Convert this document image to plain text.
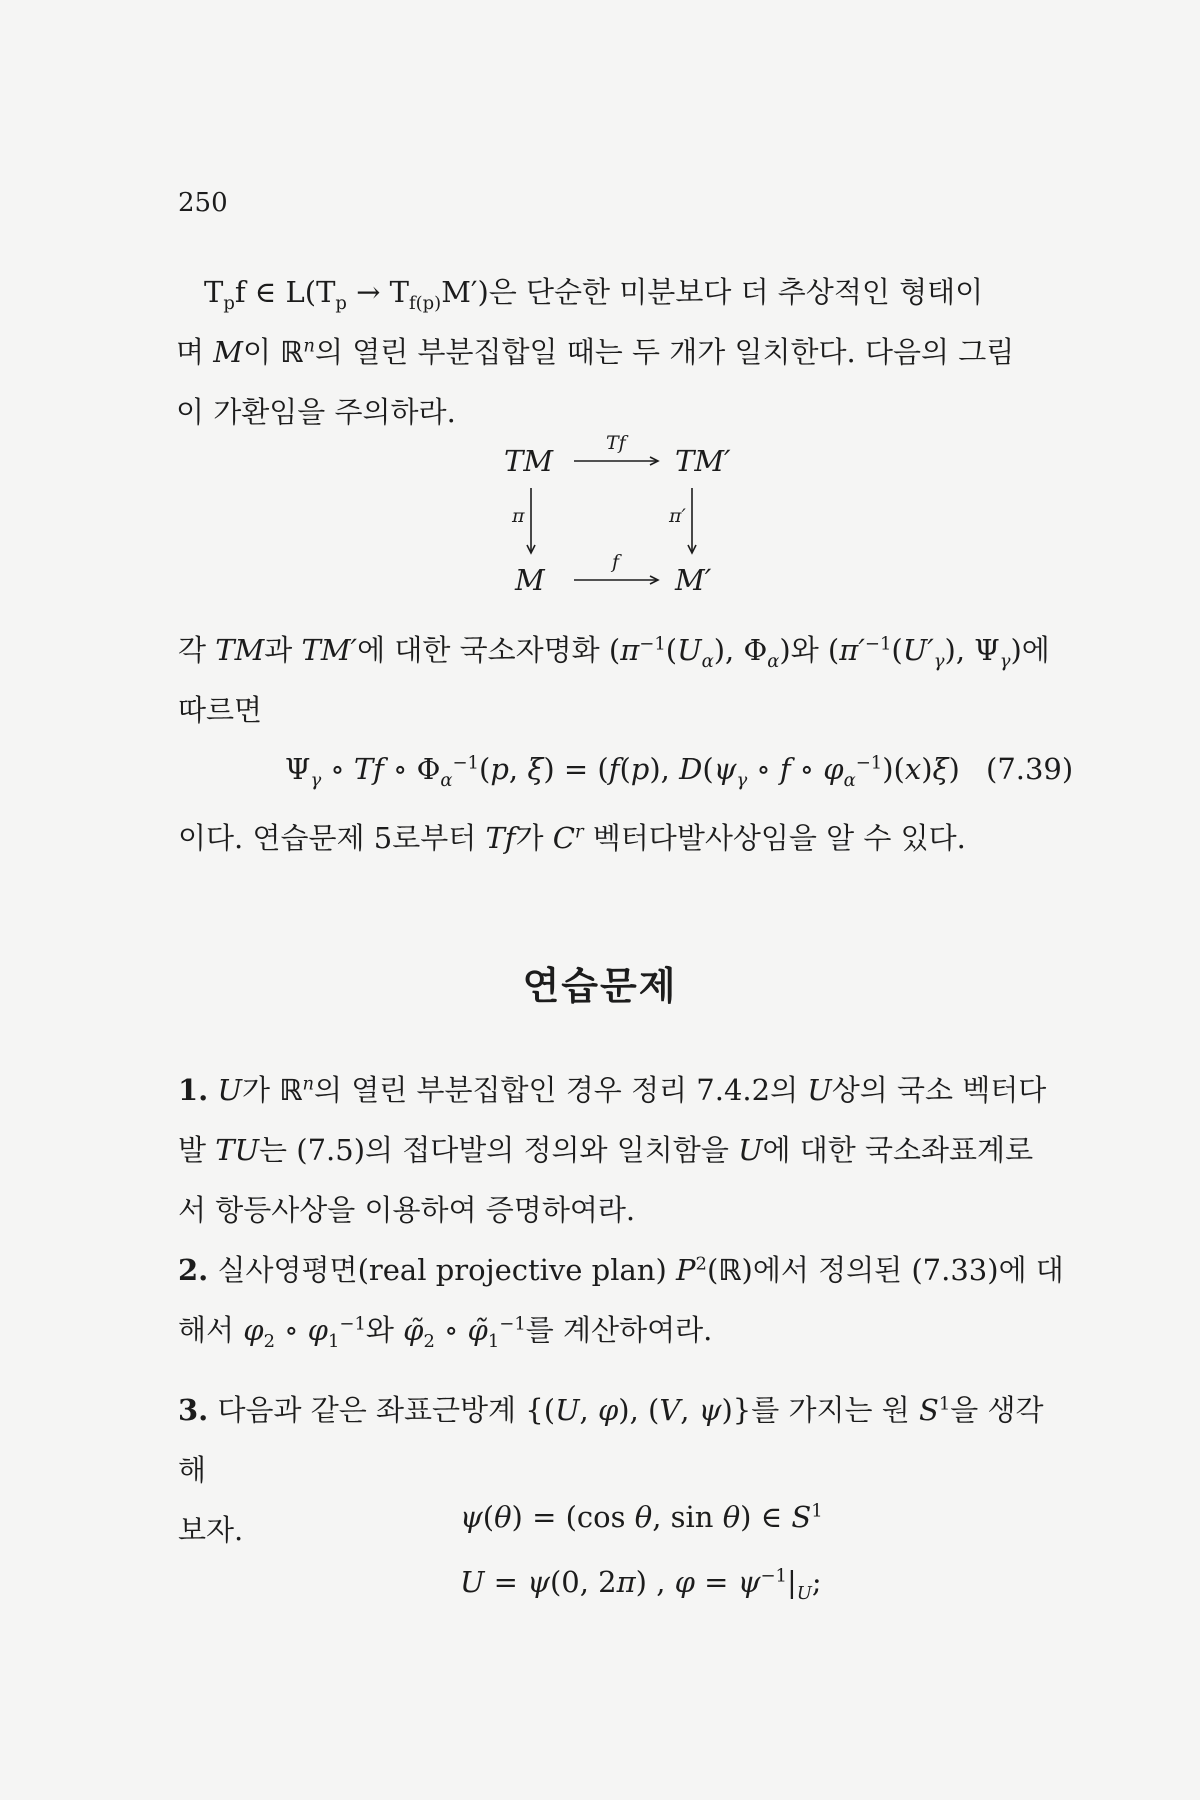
250
$T_pf$ ∈ $L(T_p \to T_{f(p)}M')$은 단순한 미분보다 더 추상적인 형태이
며 M이 ℝ$^n$의 열린 부분집합일 때는 두 개가 일치한다. 다음의 그림
이 가환임을 주의하라.
TM	TM′
M	M′
Tf
f
π	π′
각 TM과 TM′에 대한 국소자명화 ($\pi^{-1}(U_\alpha)$, $\Phi_\alpha$)와 ($\pi'^{-1}(U'_\gamma)$, $\Psi_\gamma$)에
따르면
$\Psi_\gamma$ ∘ Tf ∘ $\Phi_\alpha^{-1}(p$, ξ) = (f(p), $D(\psi_\gamma$ ∘ f ∘ $\varphi_\alpha^{-1})(x)\xi$) (7.39)
이다. 연습문제 5로부터 Tf가 $C^r$ 벡터다발사상임을 알 수 있다.
연습문제
1. U가 ℝ$^n$의 열린 부분집합인 경우 정리 7.4.2의 U상의 국소 벡터다
발 TU는 (7.5)의 접다발의 정의와 일치함을 U에 대한 국소좌표계로
서 항등사상을 이용하여 증명하여라.
2. 실사영평면(real projective plan) $P^2(ℝ)$에서 정의된 (7.33)에 대
해서 $\varphi_2$ ∘ $\varphi_1^{-1}$와 $\varphĩ_2$ ∘ $\varphĩ_1^{-1}$를 계산하여라.
3. 다음과 같은 좌표근방계 {(U, φ), (V, ψ)}를 가지는 원 $S^1$을 생각해
보자.	ψ(θ) = (cos θ, sin θ) ∈ $S^1$
U = ψ(0, 2π) , $\varphi = \psi^{-1}|_U$;
